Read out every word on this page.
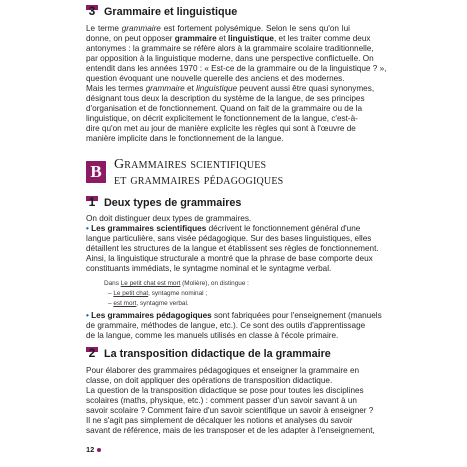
3 Grammaire et linguistique
Le terme grammaire est fortement polysémique. Selon le sens qu'on lui
donne, on peut opposer grammaire et linguistique, et les traiter comme deux
antonymes : la grammaire se réfère alors à la grammaire scolaire traditionnelle,
par opposition à la linguistique moderne, dans une perspective conflictuelle. On
entendit dans les années 1970 : « Est-ce de la grammaire ou de la linguistique ? »,
question évoquant une nouvelle querelle des anciens et des modernes.
Mais les termes grammaire et linguistique peuvent aussi être quasi synonymes,
désignant tous deux la description du système de la langue, de ses principes
d'organisation et de fonctionnement. Quand on fait de la grammaire ou de la
linguistique, on décrit explicitement le fonctionnement de la langue, c'est-à-
dire qu'on met au jour de manière explicite les règles qui sont à l'œuvre de
manière implicite dans le fonctionnement de la langue.
B Grammaires scientifiques
et grammaires pédagogiques
1 Deux types de grammaires
On doit distinguer deux types de grammaires.
• Les grammaires scientifiques décrivent le fonctionnement général d'une
langue particulière, sans visée pédagogique. Sur des bases linguistiques, elles
détaillent les structures de la langue et établissent ses règles de fonctionnement.
Ainsi, la linguistique structurale a montré que la phrase de base comporte deux
constituants immédiats, le syntagme nominal et le syntagme verbal.
Dans Le petit chat est mort (Molière), on distingue :
– Le petit chat, syntagme nominal ;
– est mort, syntagme verbal.
• Les grammaires pédagogiques sont fabriquées pour l'enseignement (manuels
de grammaire, méthodes de langue, etc.). Ce sont des outils d'apprentissage
de la langue, comme les manuels utilisés en classe à l'école primaire.
2 La transposition didactique de la grammaire
Pour élaborer des grammaires pédagogiques et enseigner la grammaire en
classe, on doit appliquer des opérations de transposition didactique.
La question de la transposition didactique se pose pour toutes les disciplines
scolaires (maths, physique, etc.) : comment passer d'un savoir savant à un
savoir scolaire ? Comment faire d'un savoir scientifique un savoir à enseigner ?
Il ne s'agit pas simplement de décalquer les notions et analyses du savoir
savant de référence, mais de les transposer et de les adapter à l'enseignement,
12
